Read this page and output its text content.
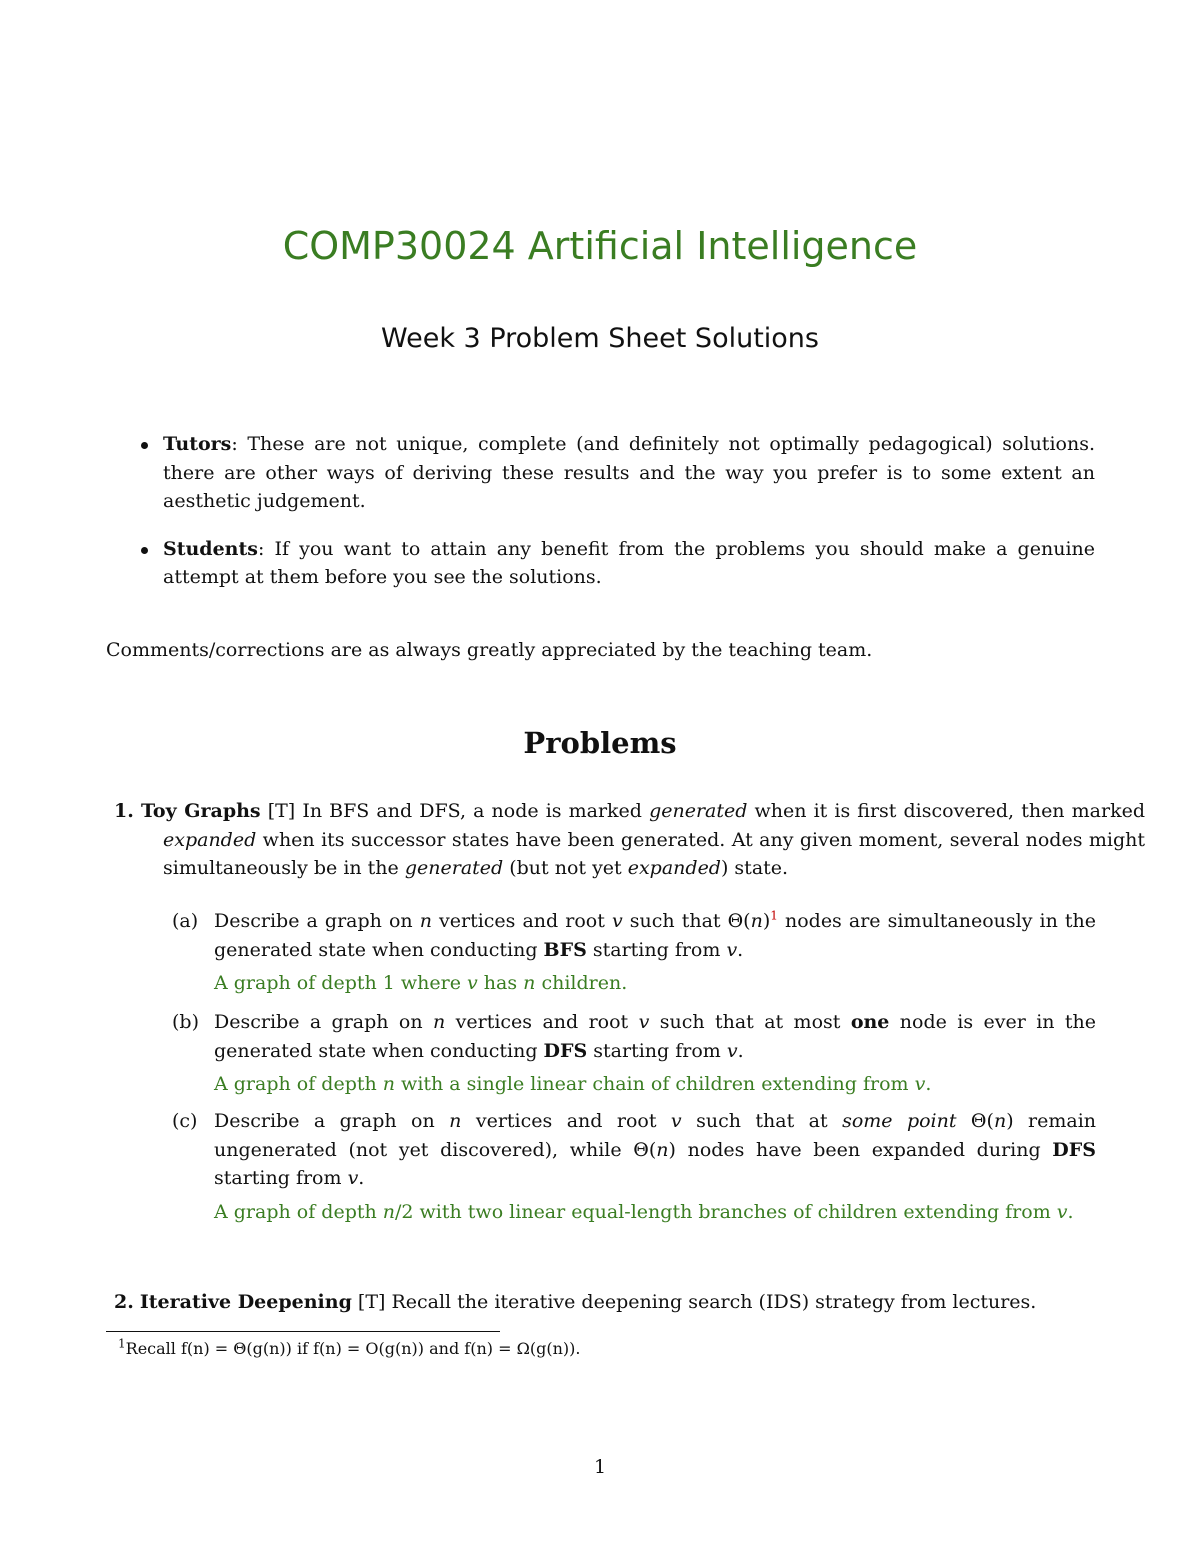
COMP30024 Artificial Intelligence
Week 3 Problem Sheet Solutions
Tutors: These are not unique, complete (and definitely not optimally pedagogical) solutions. there are other ways of deriving these results and the way you prefer is to some extent an aesthetic judgement.
Students: If you want to attain any benefit from the problems you should make a genuine attempt at them before you see the solutions.
Comments/corrections are as always greatly appreciated by the teaching team.
Problems
1. Toy Graphs [T] In BFS and DFS, a node is marked generated when it is first discovered, then marked expanded when its successor states have been generated. At any given moment, several nodes might simultaneously be in the generated (but not yet expanded) state.
(a) Describe a graph on n vertices and root v such that Θ(n)$^1$ nodes are simultaneously in the generated state when conducting BFS starting from v.
A graph of depth 1 where v has n children.
(b) Describe a graph on n vertices and root v such that at most one node is ever in the generated state when conducting DFS starting from v.
A graph of depth n with a single linear chain of children extending from v.
(c) Describe a graph on n vertices and root v such that at some point Θ(n) remain ungenerated (not yet discovered), while Θ(n) nodes have been expanded during DFS starting from v.
A graph of depth n/2 with two linear equal-length branches of children extending from v.
2. Iterative Deepening [T] Recall the iterative deepening search (IDS) strategy from lectures.
$^1$Recall f(n) = Θ(g(n)) if f(n) = O(g(n)) and f(n) = Ω(g(n)).
1
